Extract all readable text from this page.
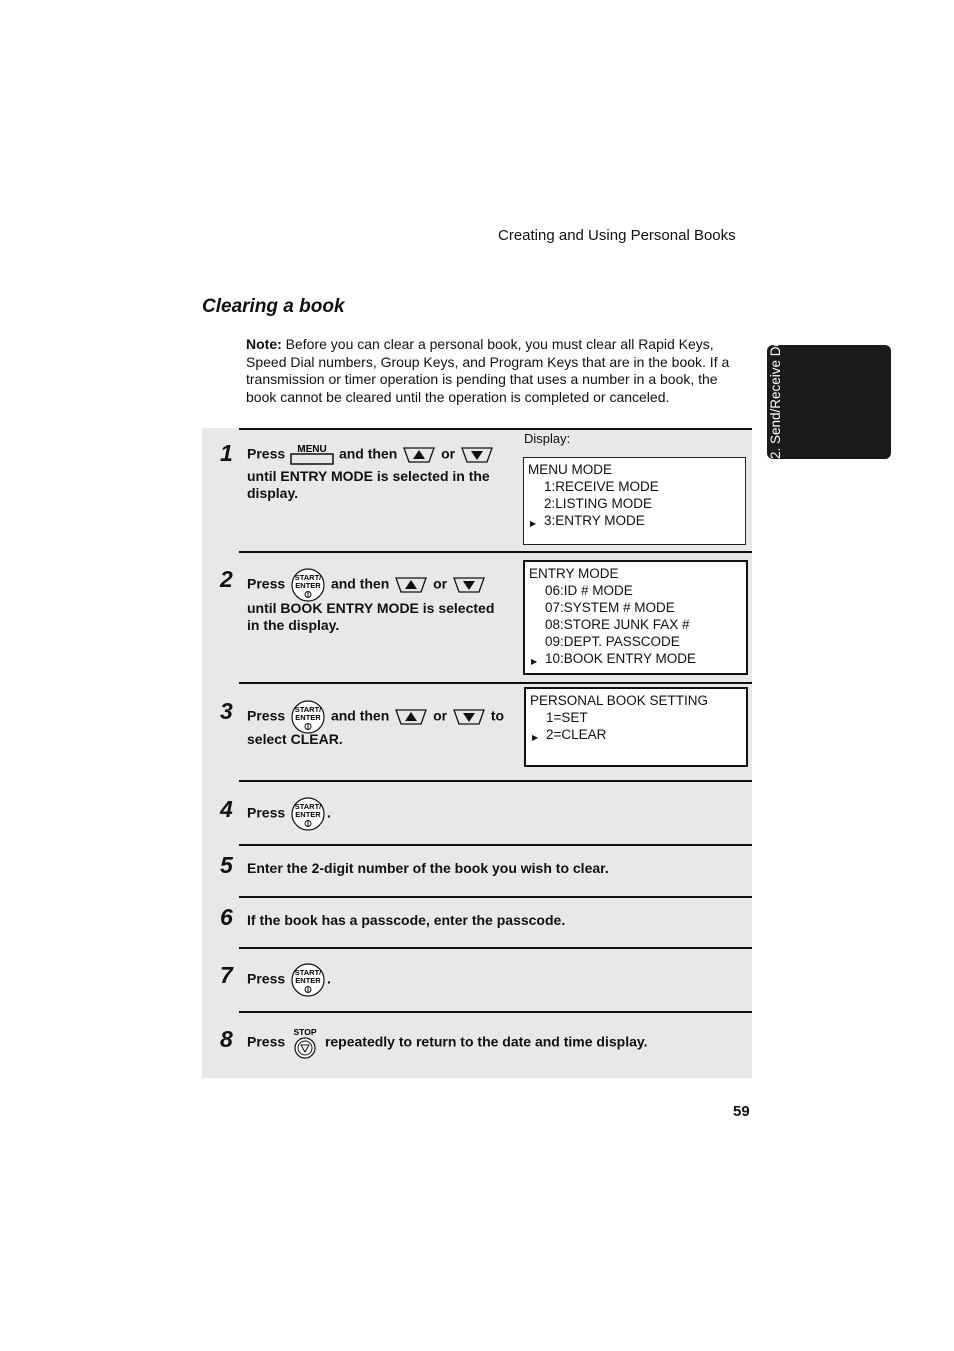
Creating and Using Personal Books
Clearing a book
Note: Before you can clear a personal book, you must clear all Rapid Keys, Speed Dial numbers, Group Keys, and Program Keys that are in the book. If a transmission or timer operation is pending that uses a number in a book, the book cannot be cleared until the operation is completed or canceled.	2. Send/Receive Documents
Display:
1 Press MENU and then	or
until ENTRY MODE is selected in the
display.
MENU MODE
1:RECEIVE MODE
2:LISTING MODE
▶ 3:ENTRY MODE
2 Press START/
ENTER and then	or
until BOOK ENTRY MODE is selected
in the display.
ENTRY MODE
06:ID # MODE
07:SYSTEM # MODE
08:STORE JUNK FAX #
09:DEPT. PASSCODE
▶ 10:BOOK ENTRY MODE
3 Press START/
ENTER and then	or	to
select CLEAR.
PERSONAL BOOK SETTING
1=SET
▶ 2=CLEAR
4 Press START/
ENTER .
5 Enter the 2-digit number of the book you wish to clear.
6 If the book has a passcode, enter the passcode.
7 Press START/
ENTER .
8 Press
STOP
repeatedly to return to the date and time display.
59
